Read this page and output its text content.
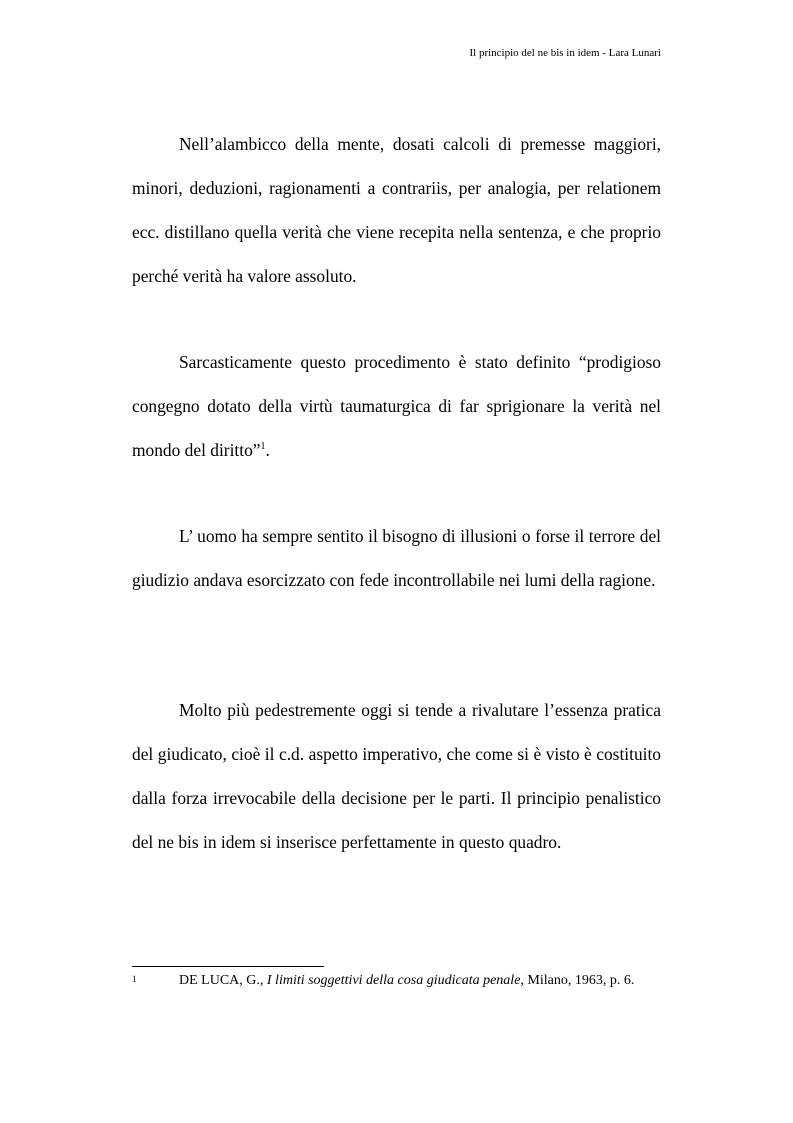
Il principio del ne bis in idem - Lara Lunari

Nell’alambicco della mente, dosati calcoli di premesse maggiori, minori, deduzioni, ragionamenti a contrariis, per analogia, per relationem ecc. distillano quella verità che viene recepita nella sentenza, e che proprio perché verità ha valore assoluto.

Sarcasticamente questo procedimento è stato definito “prodigioso congegno dotato della virtù taumaturgica di far sprigionare la verità nel mondo del diritto”$^1$.

L’ uomo ha sempre sentito il bisogno di illusioni o forse il terrore del giudizio andava esorcizzato con fede incontrollabile nei lumi della ragione.

Molto più pedestremente oggi si tende a rivalutare l’essenza pratica del giudicato, cioè il c.d. aspetto imperativo, che come si è visto è costituito dalla forza irrevocabile della decisione per le parti. Il principio penalistico del ne bis in idem si inserisce perfettamente in questo quadro.

1	DE LUCA, G., I limiti soggettivi della cosa giudicata penale, Milano, 1963, p. 6.
